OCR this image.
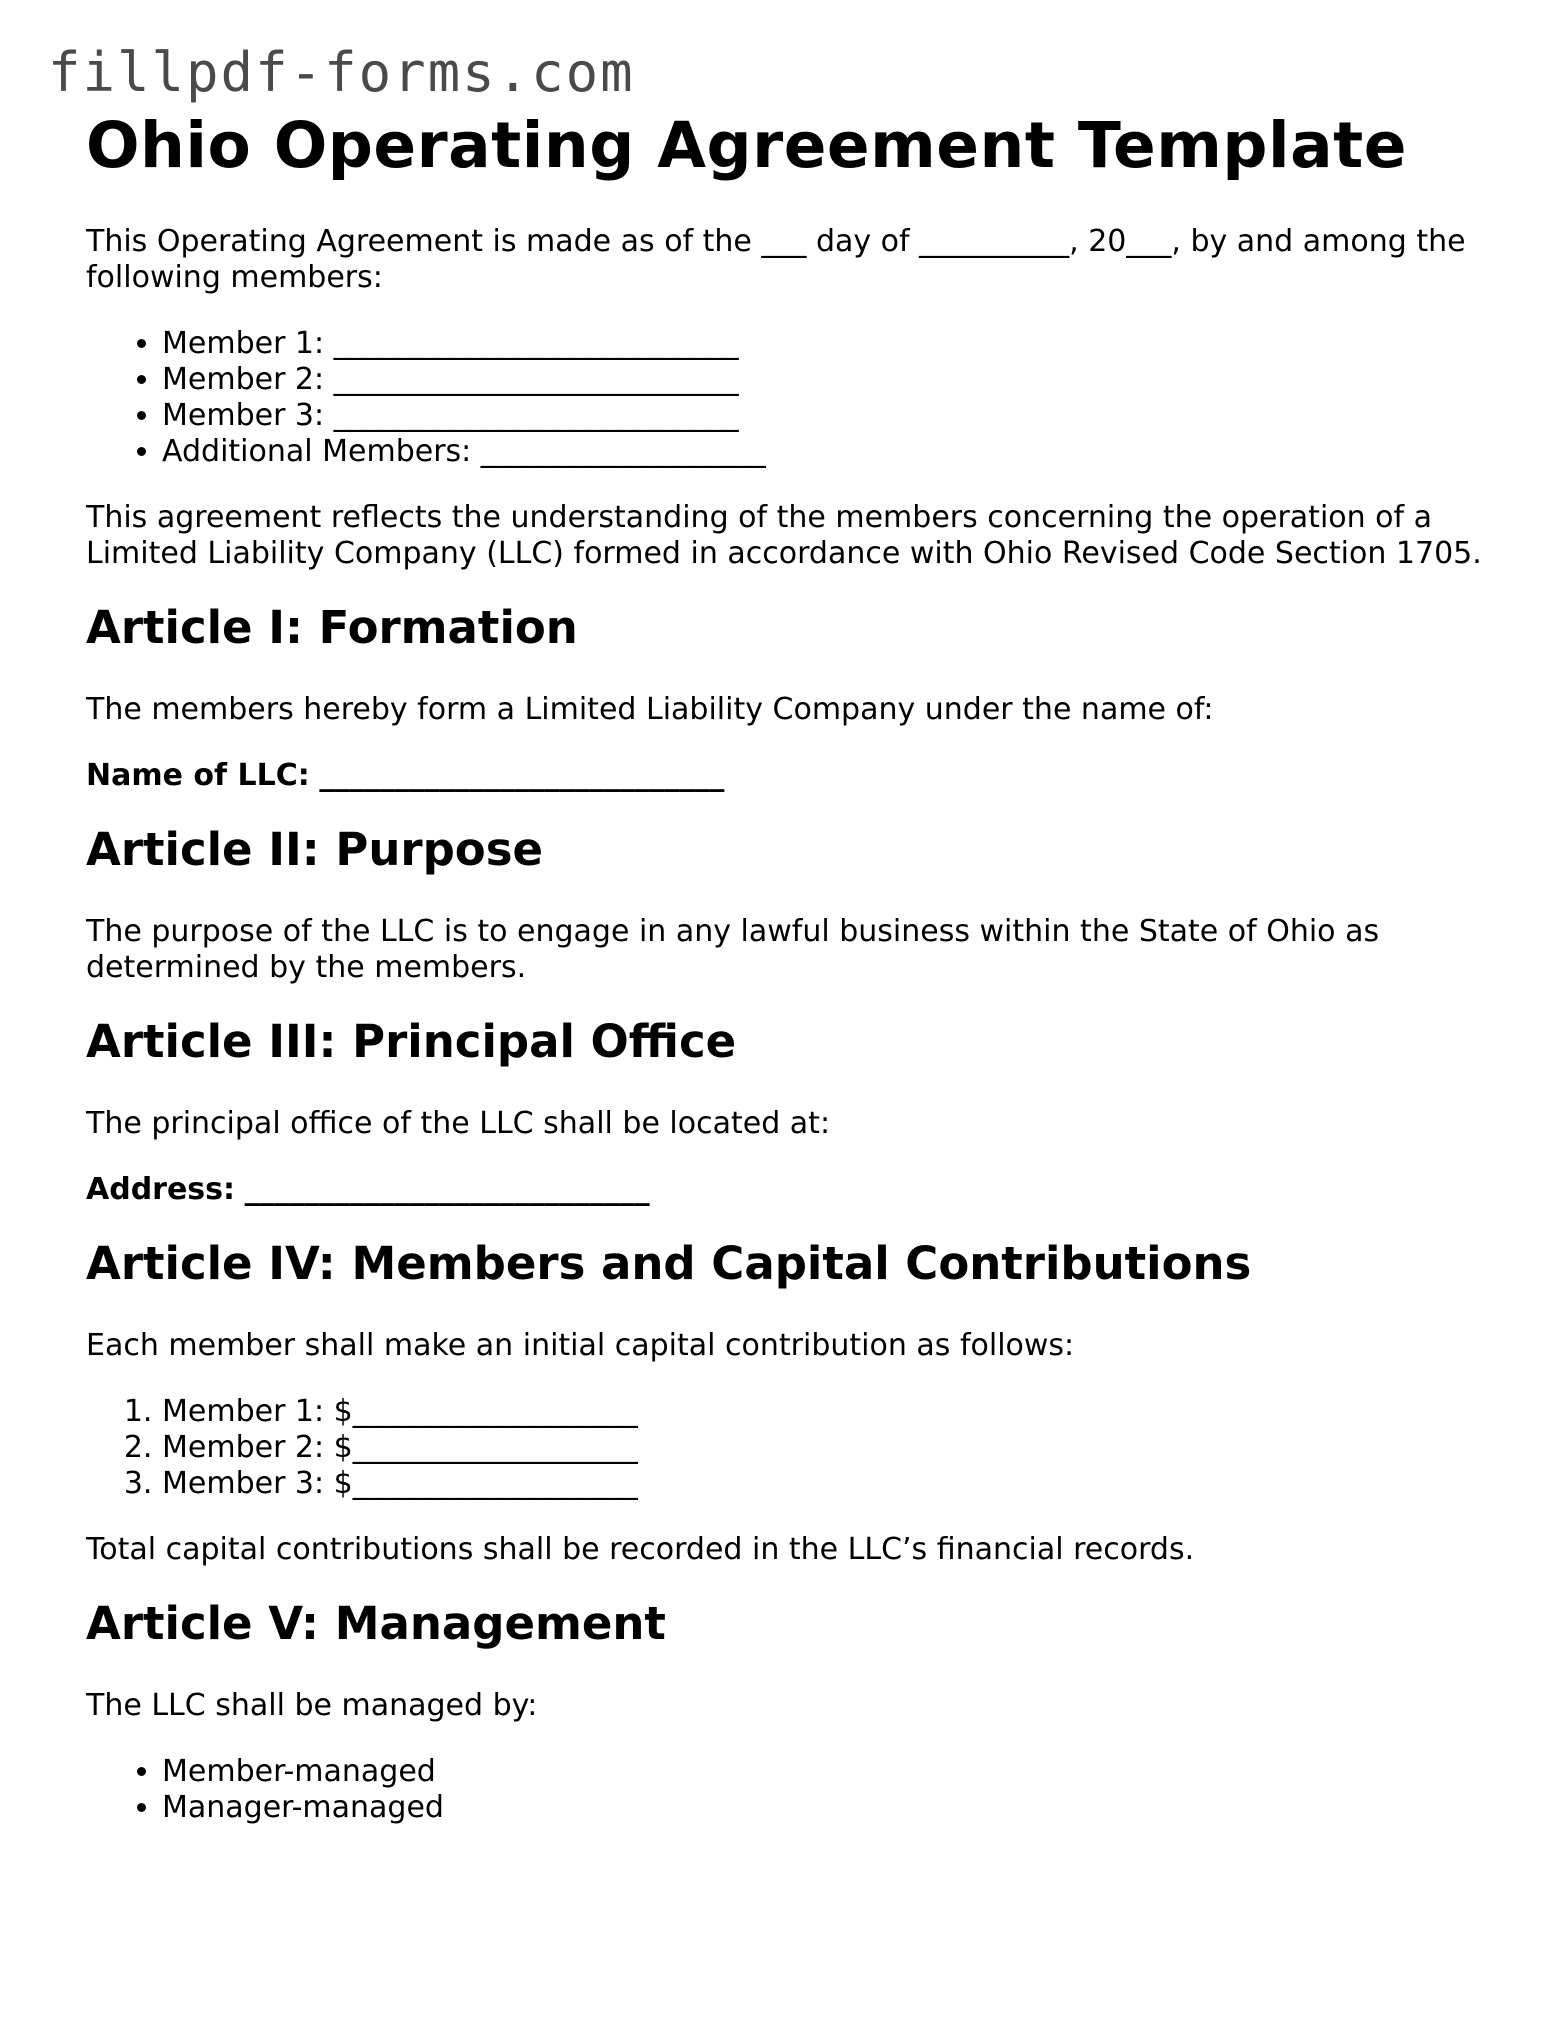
fillpdf-forms.com
Ohio Operating Agreement Template

This Operating Agreement is made as of the ___ day of __________, 20___, by and among the following members:

• Member 1: ___________________________
• Member 2: ___________________________
• Member 3: ___________________________
• Additional Members: ___________________

This agreement reflects the understanding of the members concerning the operation of a Limited Liability Company (LLC) formed in accordance with Ohio Revised Code Section 1705.

Article I: Formation

The members hereby form a Limited Liability Company under the name of:

Name of LLC: ___________________________
Article II: Purpose

The purpose of the LLC is to engage in any lawful business within the State of Ohio as determined by the members.

Article III: Principal Office

The principal office of the LLC shall be located at:

Address: ___________________________
Article IV: Members and Capital Contributions

Each member shall make an initial capital contribution as follows:

1. Member 1: $___________________
2. Member 2: $___________________
3. Member 3: $___________________

Total capital contributions shall be recorded in the LLC’s financial records.

Article V: Management

The LLC shall be managed by:

• Member-managed
• Manager-managed
